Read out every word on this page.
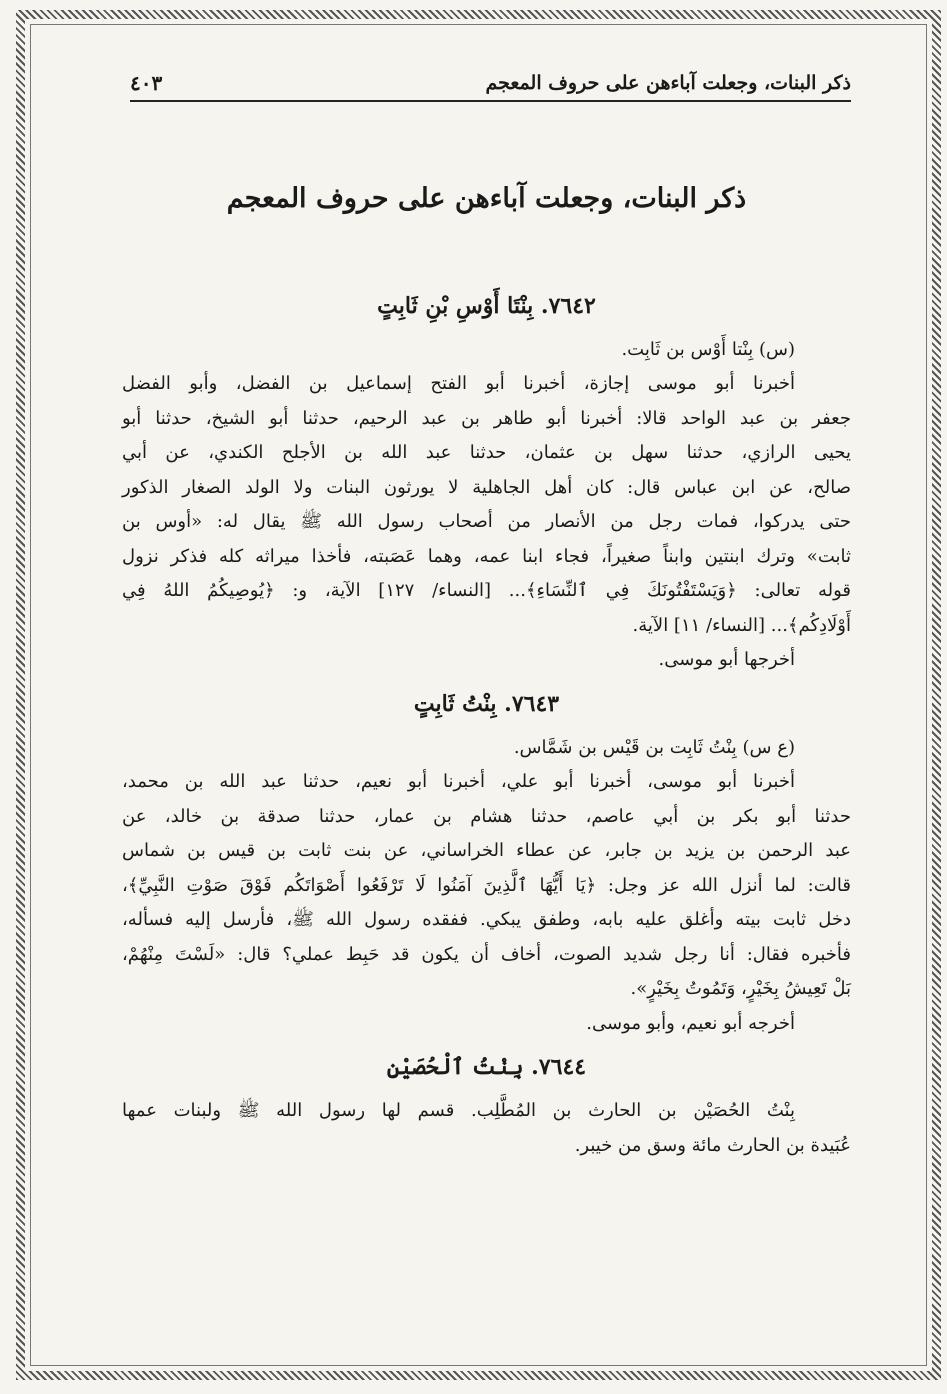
ذكر البنات، وجعلت آباءهن على حروف المعجم
٤٠٣
ذكر البنات، وجعلت آباءهن على حروف المعجم
٧٦٤٢. بِنْتَا أَوْسِ بْنِ ثَابِتٍ

(س) بِنْتا أَوْس بن ثَابِت.

أخبرنا أبو موسى إجازة، أخبرنا أبو الفتح إسماعيل بن الفضل، وأبو الفضل

جعفر بن عبد الواحد قالا: أخبرنا أبو طاهر بن عبد الرحيم، حدثنا أبو الشيخ، حدثنا أبو

يحيى الرازي، حدثنا سهل بن عثمان، حدثنا عبد الله بن الأجلح الكندي، عن أبي

صالح، عن ابن عباس قال: كان أهل الجاهلية لا يورثون البنات ولا الولد الصغار الذكور

حتى يدركوا، فمات رجل من الأنصار من أصحاب رسول الله ﷺ يقال له: «أوس بن

ثابت» وترك ابنتين وابناً صغيراً، فجاء ابنا عمه، وهما عَصَبته، فأخذا ميراثه كله فذكر نزول

قوله تعالى: ﴿وَيَسْتَفْتُونَكَ فِي ٱلنِّسَاءِ﴾... [النساء/ ١٢٧] الآية، و: ﴿يُوصِيكُمُ اللهُ فِي

أَوْلَادِكُم﴾... [النساء/ ١١] الآية.

أخرجها أبو موسى.

٧٦٤٣. بِنْتُ ثَابِتٍ

(ع س) بِنْتُ ثَابِت بن قَيْس بن شَمَّاس.

أخبرنا أبو موسى، أخبرنا أبو علي، أخبرنا أبو نعيم، حدثنا عبد الله بن محمد،

حدثنا أبو بكر بن أبي عاصم، حدثنا هشام بن عمار، حدثنا صدقة بن خالد، عن

عبد الرحمن بن يزيد بن جابر، عن عطاء الخراساني، عن بنت ثابت بن قيس بن شماس

قالت: لما أنزل الله عز وجل: ﴿يَا أَيُّهَا ٱلَّذِينَ آمَنُوا لَا تَرْفَعُوا أَصْوَاتَكُم فَوْقَ صَوْتِ النَّبِيِّ﴾،

دخل ثابت بيته وأغلق عليه بابه، وطفق يبكي. ففقده رسول الله ﷺ، فأرسل إليه فسأله،

فأخبره فقال: أنا رجل شديد الصوت، أخاف أن يكون قد حَبِط عملي؟ قال: «لَسْتَ مِنْهُمْ،

بَلْ تَعِيشُ بِخَيْرٍ، وَتَمُوتُ بِخَيْرٍ».

أخرجه أبو نعيم، وأبو موسى.

٧٦٤٤. بِنْتُ ٱلْحُصَيْنِ

بِنْتُ الحُصَيْن بن الحارث بن المُطَّلِب. قسم لها رسول الله ﷺ ولبنات عمها

عُبَيدة بن الحارث مائة وسق من خيبر.
